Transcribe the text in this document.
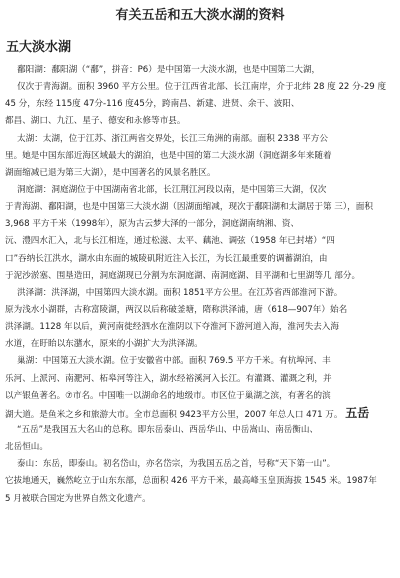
有关五岳和五大淡水湖的资料
五大淡水湖

鄱阳湖：鄱阳湖（“鄱”，拼音：P6）是中国第一大淡水湖，也是中国第二大湖，
仅次于青海湖。面积 3960 平方公里。位于江西省北部、长江南岸，介于北纬 28 度 22 分-29 度
45 分，东经 115度 47分-116 度45分，跨南昌、新建、进贤、余干、波阳、
都昌、湖口、九江、星子、德安和永修等市县。

太湖：太湖，位于江苏、浙江两省交界处，长江三角洲的南部。面积 2338 平方公
里。她是中国东部近海区域最大的湖泊，也是中国的第二大淡水湖（洞庭湖多年来随着
湖面缩减已退为第三大湖），是中国著名的风景名胜区。

洞庭湖：洞庭湖位于中国湖南省北部，长江荆江河段以南，是中国第三大湖，仅次
于青海湖、鄱阳湖，也是中国第三大淡水湖（因湖面缩减，现次于鄱阳湖和太湖居于第 三），面积
3,968 平方千米（1998年），原为古云梦大泽的一部分，洞庭湖南纳湘、资、
沅、澧四水汇入，北与长江相连，通过松滋、太平、藕池、调弦（1958 年已封堵）“四
口”吞纳长江洪水，湖水由东面的城陵矶附近注入长江，为长江最重要的调蓄湖泊，由
于泥沙淤塞、围垦造田，洞庭湖现已分割为东洞庭湖、南洞庭湖、目平湖和七里湖等几 部分。

洪泽湖：洪泽湖，中国第四大淡水湖。面积 1851平方公里。在江苏省西部淮河下游。
原为浅水小湖群，古称富陵湖，两汉以后称破釜塘，隋称洪泽浦，唐（618—907年）始名
洪泽湖。1128 年以后，黄河南徙经泗水在淮阴以下夺淮河下游河道入海，淮河失去入海
水道，在盱眙以东潴水，原来的小湖扩大为洪泽湖。

巢湖：中国第五大淡水湖。位于安徽省中部。面积 769.5 平方千米。有杭埠河、丰
乐河、上派河、南淝河、柘皋河等注入，湖水经裕溪河入长江。有灌溉、灌溉之利，并
以产银鱼著名。⑦市名。中国唯一以湖命名的地级市。市区位于巢湖之滨，有著名的滨
湖大道。是鱼米之乡和旅游大市。全市总面积 9423平方公里，2007 年总人口 471 万。 五岳

“五岳”是我国五大名山的总称。即东岳泰山、西岳华山、中岳嵩山、南岳衡山、
北岳恒山。

泰山：东岳，即泰山。初名岱山，亦名岱宗，为我国五岳之首，号称“天下第一山”。
它拔地通天，巍然屹立于山东东部，总面积 426 平方千米，最高峰玉皇顶海拔 1545 米。1987年
5 月被联合国定为世界自然文化遗产。
